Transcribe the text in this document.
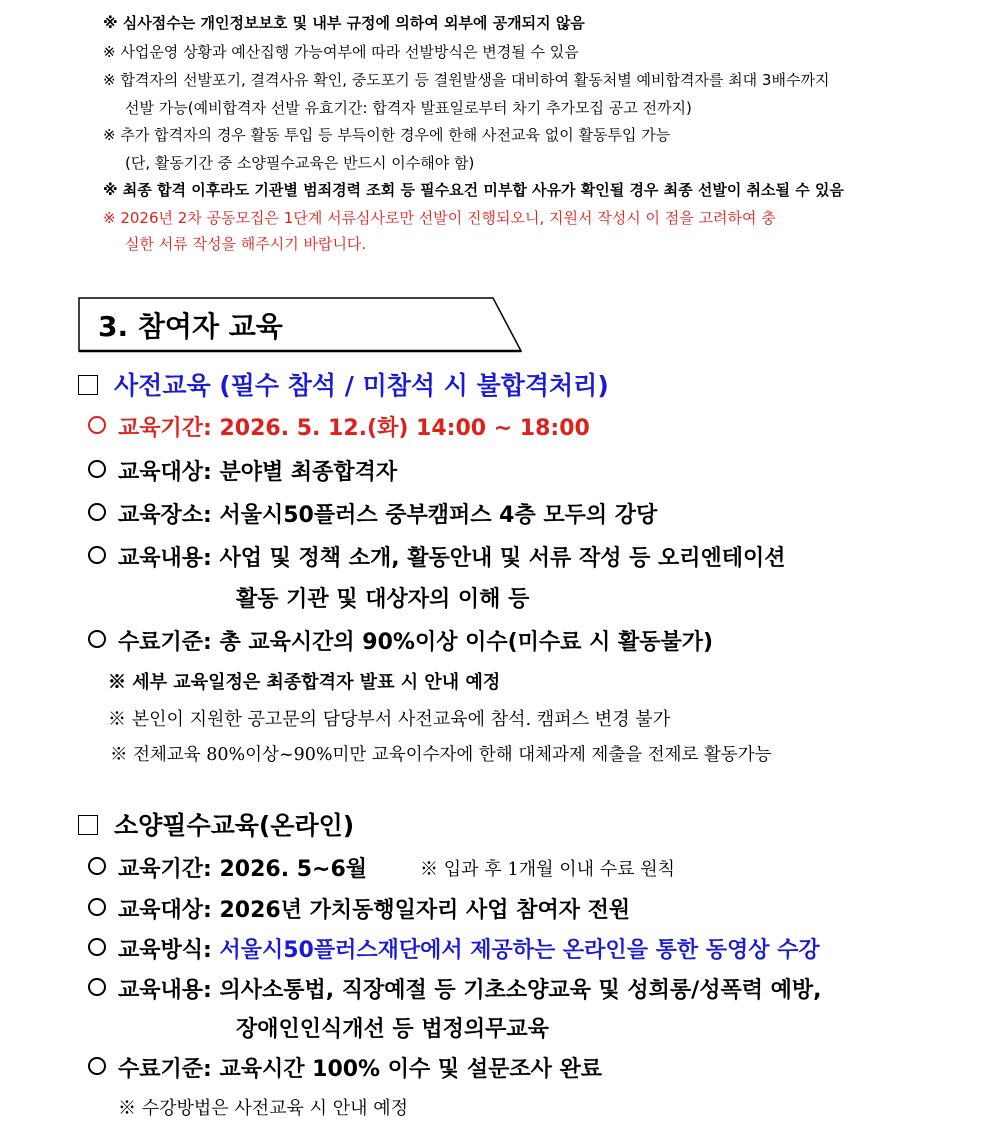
※ 심사점수는 개인정보보호 및 내부 규정에 의하여 외부에 공개되지 않음
※ 사업운영 상황과 예산집행 가능여부에 따라 선발방식은 변경될 수 있음
※ 합격자의 선발포기, 결격사유 확인, 중도포기 등 결원발생을 대비하여 활동처별 예비합격자를 최대 3배수까지
선발 가능(예비합격자 선발 유효기간: 합격자 발표일로부터 차기 추가모집 공고 전까지)
※ 추가 합격자의 경우 활동 투입 등 부득이한 경우에 한해 사전교육 없이 활동투입 가능
(단, 활동기간 중 소양필수교육은 반드시 이수해야 함)
※ 최종 합격 이후라도 기관별 범죄경력 조회 등 필수요건 미부합 사유가 확인될 경우 최종 선발이 취소될 수 있음
※ 2026년 2차 공동모집은 1단계 서류심사로만 선발이 진행되오니, 지원서 작성시 이 점을 고려하여 충
실한 서류 작성을 해주시기 바랍니다.
3. 참여자 교육
사전교육 (필수 참석 / 미참석 시 불합격처리)
교육기간: 2026. 5. 12.(화) 14:00 ~ 18:00
교육대상: 분야별 최종합격자
교육장소: 서울시50플러스 중부캠퍼스 4층 모두의 강당
교육내용: 사업 및 정책 소개, 활동안내 및 서류 작성 등 오리엔테이션
활동 기관 및 대상자의 이해 등
수료기준: 총 교육시간의 90%이상 이수(미수료 시 활동불가)
※ 세부 교육일정은 최종합격자 발표 시 안내 예정
※ 본인이 지원한 공고문의 담당부서 사전교육에 참석. 캠퍼스 변경 불가
※ 전체교육 80%이상~90%미만 교육이수자에 한해 대체과제 제출을 전제로 활동가능
소양필수교육(온라인)
교육기간: 2026. 5~6월	※ 입과 후 1개월 이내 수료 원칙
교육대상: 2026년 가치동행일자리 사업 참여자 전원
교육방식: 서울시50플러스재단에서 제공하는 온라인을 통한 동영상 수강
교육내용: 의사소통법, 직장예절 등 기초소양교육 및 성희롱/성폭력 예방,
장애인인식개선 등 법정의무교육
수료기준: 교육시간 100% 이수 및 설문조사 완료
※ 수강방법은 사전교육 시 안내 예정
